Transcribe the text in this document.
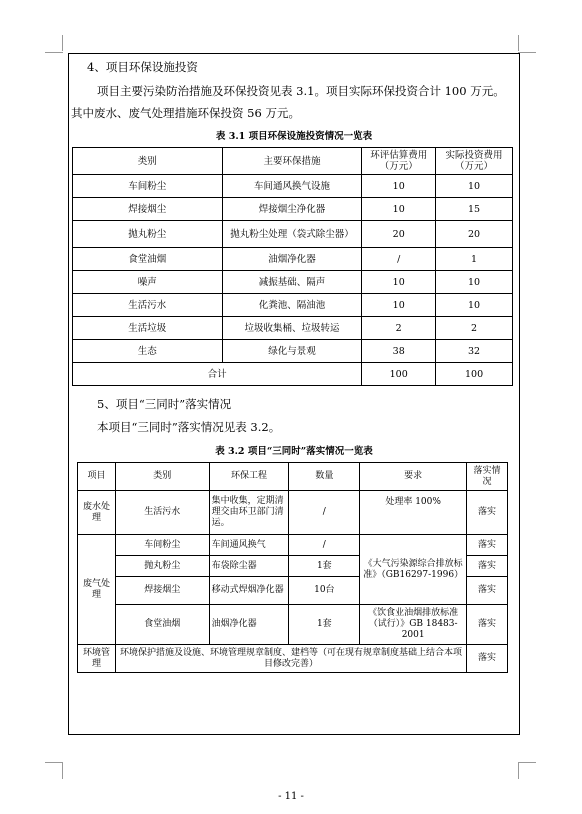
4、项目环保设施投资
项目主要污染防治措施及环保投资见表 3.1。项目实际环保投资合计 100 万元。
其中废水、废气处理措施环保投资 56 万元。
表 3.1 项目环保设施投资情况一览表
类别	主要环保措施	环评估算费用（万元）	实际投资费用（万元）
车间粉尘	车间通风换气设施	10	10
焊接烟尘	焊接烟尘净化器	10	15
抛丸粉尘	抛丸粉尘处理（袋式除尘器）	20	20
食堂油烟	油烟净化器	/	1
噪声	减振基础、隔声	10	10
生活污水	化粪池、隔油池	10	10
生活垃圾	垃圾收集桶、垃圾转运	2	2
生态	绿化与景观	38	32
合计		100	100
5、项目“三同时”落实情况
本项目“三同时”落实情况见表 3.2。
表 3.2 项目“三同时”落实情况一览表
项目	类别	环保工程	数量	要求	落实情况
废水处理	生活污水	集中收集，定期清理交由环卫部门清运。	/	处理率 100%	落实
废气处理	车间粉尘	车间通风换气	/	《大气污染源综合排放标准》（GB16297-1996）	落实
	抛丸粉尘	布袋除尘器	1套		落实
	焊接烟尘	移动式焊烟净化器	10台		落实
	食堂油烟	油烟净化器	1套	《饮食业油烟排放标准（试行）》GB 18483-2001	落实
环境管理	环境保护措施及设施、环境管理规章制度、建档等（可在现有规章制度基础上结合本项目修改完善）				落实
- 11 -
